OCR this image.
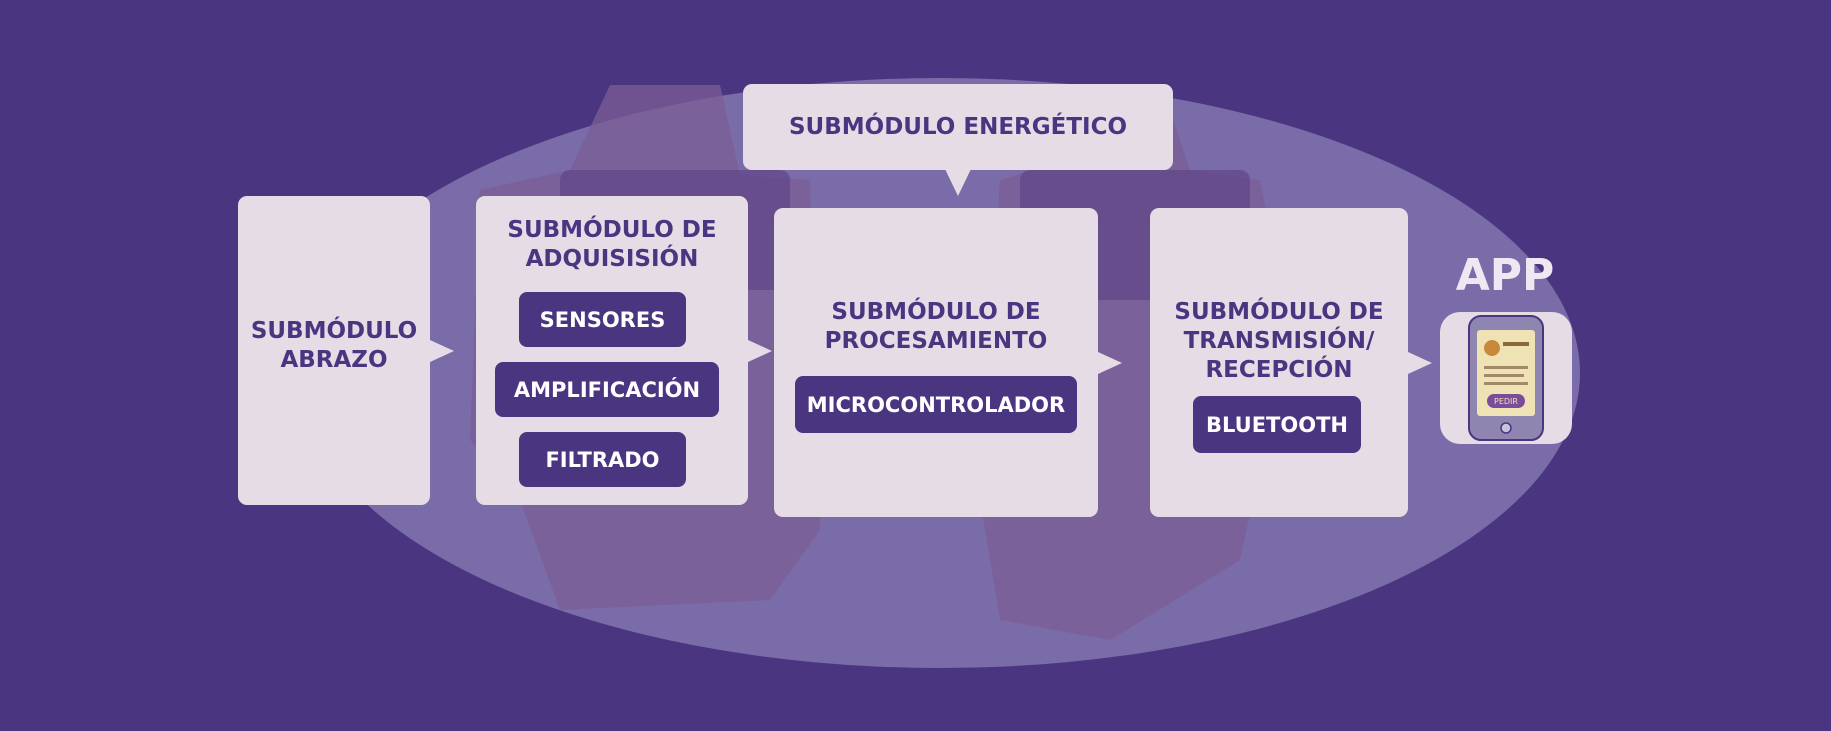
SUBMÓDULO ENERGÉTICO
SUBMÓDULO
ABRAZO
SUBMÓDULO DE
ADQUISISIÓN
SENSORES
AMPLIFICACIÓN
FILTRADO
SUBMÓDULO DE
PROCESAMIENTO
MICROCONTROLADOR
SUBMÓDULO DE
TRANSMISIÓN/
RECEPCIÓN
BLUETOOTH
APP
PEDIR
